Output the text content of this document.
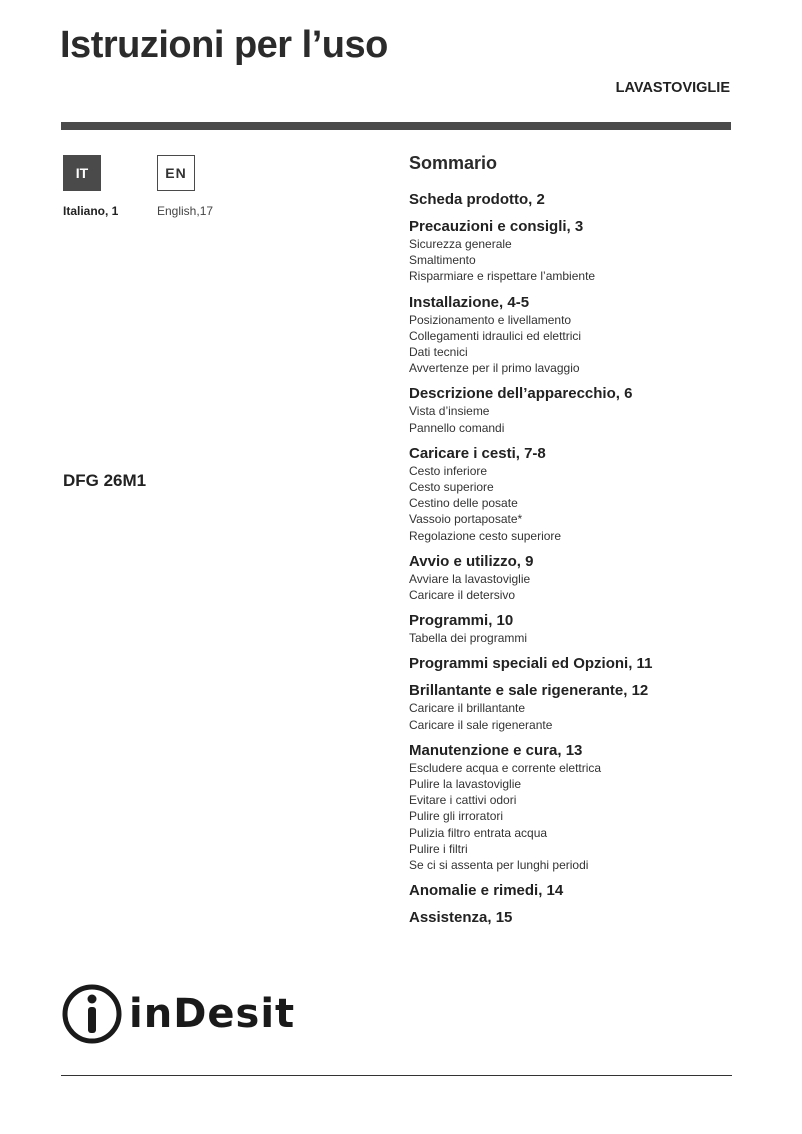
Istruzioni per l’uso
LAVASTOVIGLIE
IT	EN
Italiano, 1	English,17
DFG 26M1
Sommario
Scheda prodotto, 2
Precauzioni e consigli, 3
Sicurezza generale
Smaltimento
Risparmiare e rispettare l’ambiente
Installazione, 4-5
Posizionamento e livellamento
Collegamenti idraulici ed elettrici
Dati tecnici
Avvertenze per il primo lavaggio
Descrizione dell’apparecchio, 6
Vista d’insieme
Pannello comandi
Caricare i cesti, 7-8
Cesto inferiore
Cesto superiore
Cestino delle posate
Vassoio portaposate*
Regolazione cesto superiore
Avvio e utilizzo, 9
Avviare la lavastoviglie
Caricare il detersivo
Programmi, 10
Tabella dei programmi
Programmi speciali ed Opzioni, 11
Brillantante e sale rigenerante, 12
Caricare il brillantante
Caricare il sale rigenerante
Manutenzione e cura, 13
Escludere acqua e corrente elettrica
Pulire la lavastoviglie
Evitare i cattivi odori
Pulire gli irroratori
Pulizia filtro entrata acqua
Pulire i filtri
Se ci si assenta per lunghi periodi
Anomalie e rimedi, 14
Assistenza, 15
inDesit
